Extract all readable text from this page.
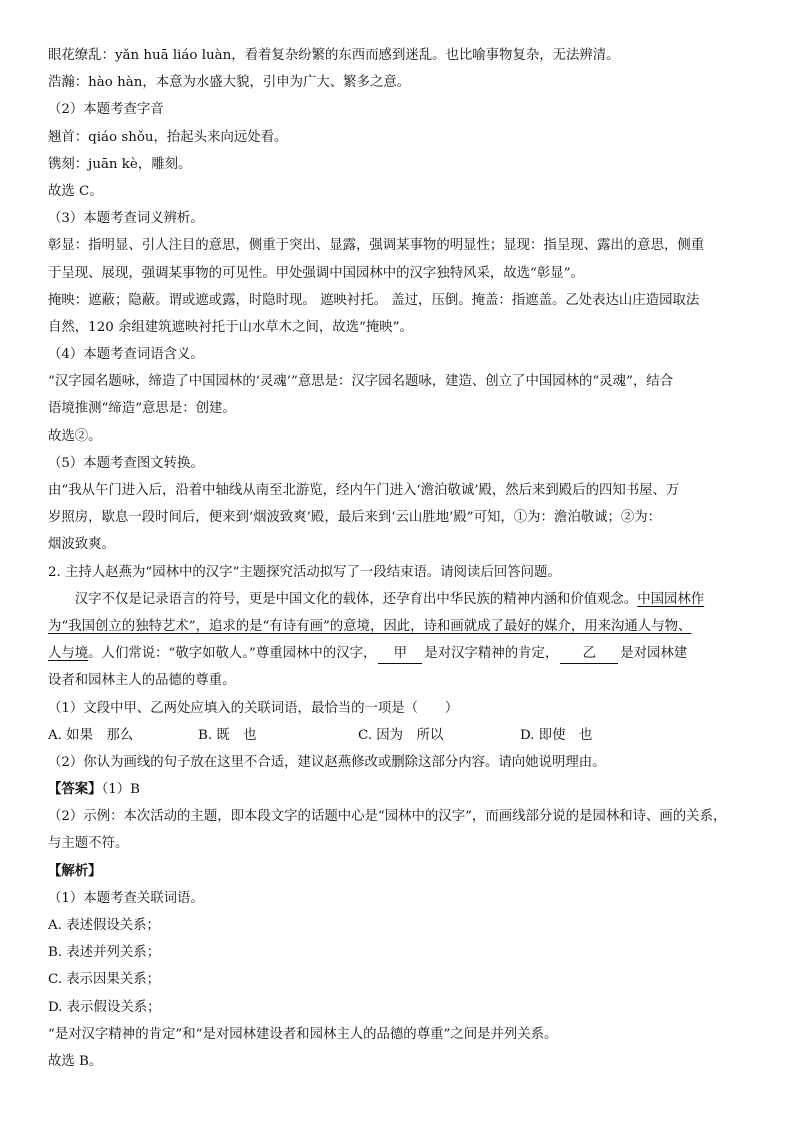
眼花缭乱：yǎn huā liáo luàn，看着复杂纷繁的东西而感到迷乱。也比喻事物复杂，无法辨清。
浩瀚：hào hàn，本意为水盛大貌，引申为广大、繁多之意。
（2）本题考查字音
翘首：qiáo shǒu，抬起头来向远处看。
镌刻：juān kè，雕刻。
故选 C。
（3）本题考查词义辨析。
彰显：指明显、引人注目的意思，侧重于突出、显露，强调某事物的明显性；显现：指呈现、露出的意思，侧重
于呈现、展现，强调某事物的可见性。甲处强调中国园林中的汉字独特风采，故选“彰显”。
掩映：遮蔽；隐蔽。谓或遮或露，时隐时现。 遮映衬托。 盖过，压倒。掩盖：指遮盖。乙处表达山庄造园取法
自然，120 余组建筑遮映衬托于山水草木之间，故选“掩映”。
（4）本题考查词语含义。
“汉字园名题咏，缔造了中国园林的‘灵魂’”意思是：汉字园名题咏，建造、创立了中国园林的“灵魂”，结合
语境推测“缔造”意思是：创建。
故选②。
（5）本题考查图文转换。
由“我从午门进入后，沿着中轴线从南至北游览，经内午门进入‘澹泊敬诚’殿，然后来到殿后的四知书屋、万
岁照房，歇息一段时间后，便来到‘烟波致爽’殿，最后来到‘云山胜地’殿”可知，①为：澹泊敬诚；②为：
烟波致爽。
2. 主持人赵燕为“园林中的汉字”主题探究活动拟写了一段结束语。请阅读后回答问题。
汉字不仅是记录语言的符号，更是中国文化的载体，还孕育出中华民族的精神内涵和价值观念。中国园林作
为“我国创立的独特艺术”，追求的是“有诗有画”的意境，因此，诗和画就成了最好的媒介，用来沟通人与物、
人与境。人们常说：“敬字如敬人。”尊重园林中的汉字， 甲 是对汉字精神的肯定， 乙 是对园林建
设者和园林主人的品德的尊重。
（1）文段中甲、乙两处应填入的关联词语，最恰当的一项是（　　）
A. 如果　那么	B. 既　也	C. 因为　所以	D. 即使　也
（2）你认为画线的句子放在这里不合适，建议赵燕修改或删除这部分内容。请向她说明理由。
【答案】（1）B
（2）示例：本次活动的主题，即本段文字的话题中心是“园林中的汉字”，而画线部分说的是园林和诗、画的关系，
与主题不符。
【解析】
（1）本题考查关联词语。
A. 表述假设关系；
B. 表述并列关系；
C. 表示因果关系；
D. 表示假设关系；
“是对汉字精神的肯定”和“是对园林建设者和园林主人的品德的尊重”之间是并列关系。
故选 B。
